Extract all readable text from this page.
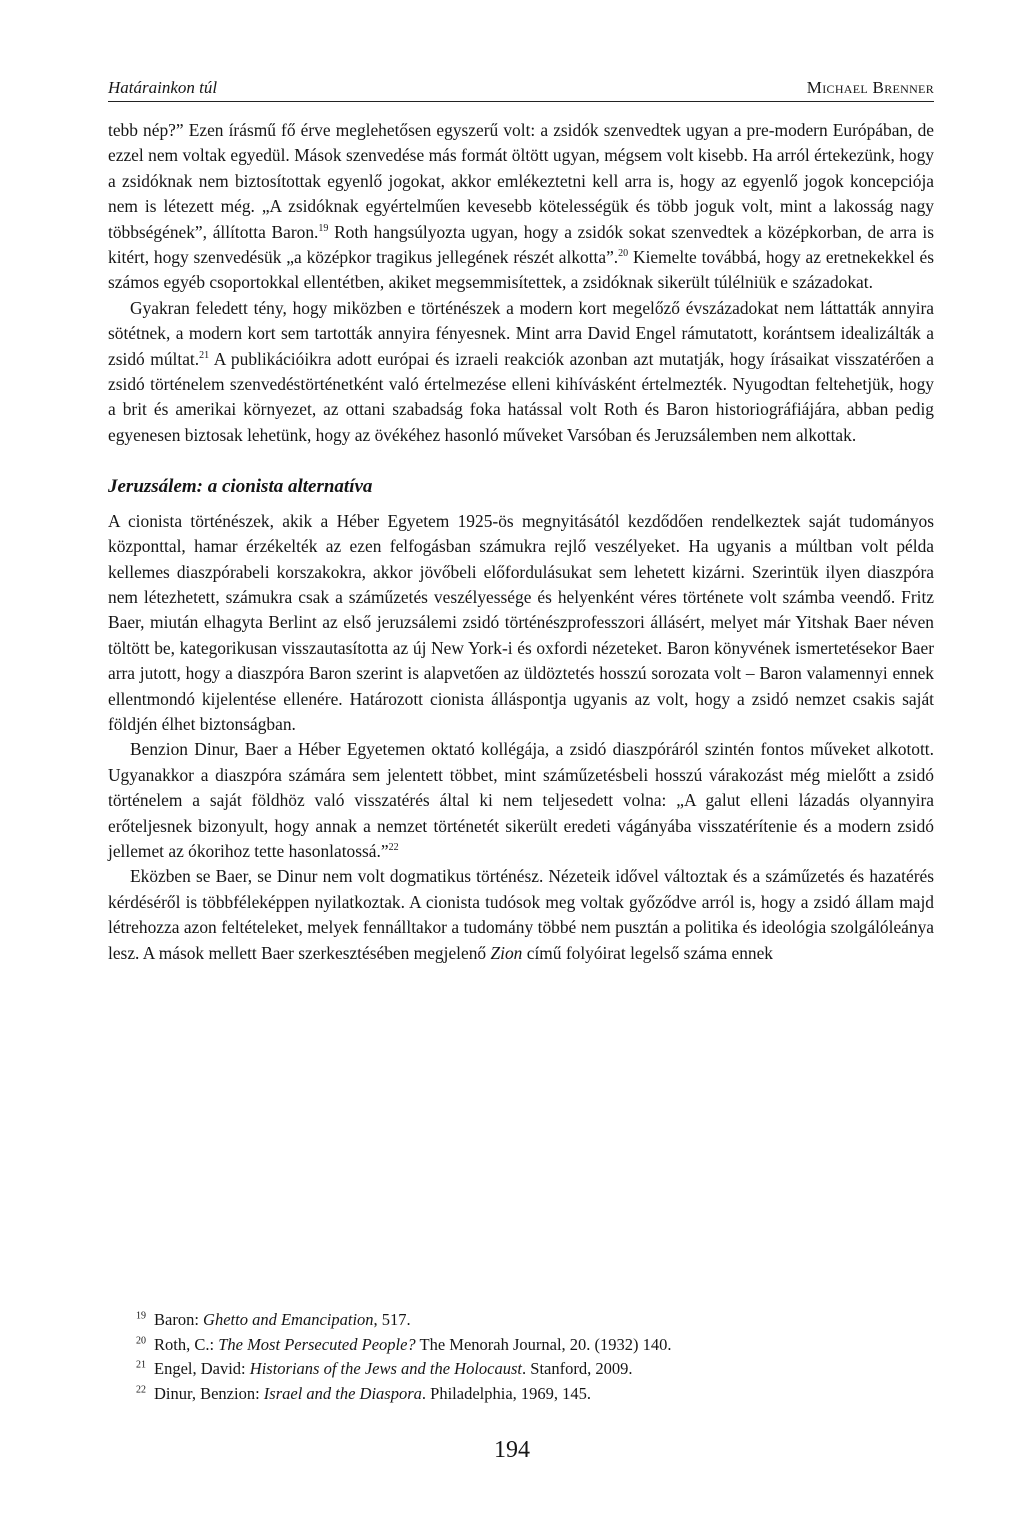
Határainkon túl	Michael Brenner

tebb nép?” Ezen írásmű fő érve meglehetősen egyszerű volt: a zsidók szenvedtek ugyan a pre-modern Európában, de ezzel nem voltak egyedül. Mások szenvedése más formát öltött ugyan, mégsem volt kisebb. Ha arról értekezünk, hogy a zsidóknak nem biztosítottak egyenlő jogokat, akkor emlékeztetni kell arra is, hogy az egyenlő jogok koncepciója nem is létezett még. „A zsidóknak egyértelműen kevesebb kötelességük és több joguk volt, mint a lakosság nagy többségének”, állította Baron.$^{19}$ Roth hangsúlyozta ugyan, hogy a zsidók sokat szenvedtek a középkorban, de arra is kitért, hogy szenvedésük „a középkor tragikus jellegének részét alkotta”.$^{20}$ Kiemelte továbbá, hogy az eretnekekkel és számos egyéb csoportokkal ellentétben, akiket megsemmisítettek, a zsidóknak sikerült túlélniük e századokat.

Gyakran feledett tény, hogy miközben e történészek a modern kort megelőző évszázadokat nem láttatták annyira sötétnek, a modern kort sem tartották annyira fényesnek. Mint arra David Engel rámutatott, korántsem idealizálták a zsidó múltat.$^{21}$ A publikációikra adott európai és izraeli reakciók azonban azt mutatják, hogy írásaikat visszatérően a zsidó történelem szenvedéstörténetként való értelmezése elleni kihívásként értelmezték. Nyugodtan feltehetjük, hogy a brit és amerikai környezet, az ottani szabadság foka hatással volt Roth és Baron historiográfiájára, abban pedig egyenesen biztosak lehetünk, hogy az övékéhez hasonló műveket Varsóban és Jeruzsálemben nem alkottak.

Jeruzsálem: a cionista alternatíva

A cionista történészek, akik a Héber Egyetem 1925-ös megnyitásától kezdődően rendelkeztek saját tudományos központtal, hamar érzékelték az ezen felfogásban számukra rejlő veszélyeket. Ha ugyanis a múltban volt példa kellemes diaszpórabeli korszakokra, akkor jövőbeli előfordulásukat sem lehetett kizárni. Szerintük ilyen diaszpóra nem létezhetett, számukra csak a száműzetés veszélyessége és helyenként véres története volt számba veendő. Fritz Baer, miután elhagyta Berlint az első jeruzsálemi zsidó történészprofesszori állásért, melyet már Yitshak Baer néven töltött be, kategorikusan visszautasította az új New York-i és oxfordi nézeteket. Baron könyvének ismertetésekor Baer arra jutott, hogy a diaszpóra Baron szerint is alapvetően az üldöztetés hosszú sorozata volt – Baron valamennyi ennek ellentmondó kijelentése ellenére. Határozott cionista álláspontja ugyanis az volt, hogy a zsidó nemzet csakis saját földjén élhet biztonságban.

Benzion Dinur, Baer a Héber Egyetemen oktató kollégája, a zsidó diaszpóráról szintén fontos műveket alkotott. Ugyanakkor a diaszpóra számára sem jelentett többet, mint száműzetésbeli hosszú várakozást még mielőtt a zsidó történelem a saját földhöz való visszatérés által ki nem teljesedett volna: „A galut elleni lázadás olyannyira erőteljesnek bizonyult, hogy annak a nemzet történetét sikerült eredeti vágányába visszatérítenie és a modern zsidó jellemet az ókorihoz tette hasonlatossá.”$^{22}$

Eközben se Baer, se Dinur nem volt dogmatikus történész. Nézeteik idővel változtak és a száműzetés és hazatérés kérdéséről is többféleképpen nyilatkoztak. A cionista tudósok meg voltak győződve arról is, hogy a zsidó állam majd létrehozza azon feltételeket, melyek fennálltakor a tudomány többé nem pusztán a politika és ideológia szolgálóleánya lesz. A mások mellett Baer szerkesztésében megjelenő Zion című folyóirat legelső száma ennek

$^{19}$ Baron: Ghetto and Emancipation, 517.
$^{20}$ Roth, C.: The Most Persecuted People? The Menorah Journal, 20. (1932) 140.
$^{21}$ Engel, David: Historians of the Jews and the Holocaust. Stanford, 2009.
$^{22}$ Dinur, Benzion: Israel and the Diaspora. Philadelphia, 1969, 145.
194
